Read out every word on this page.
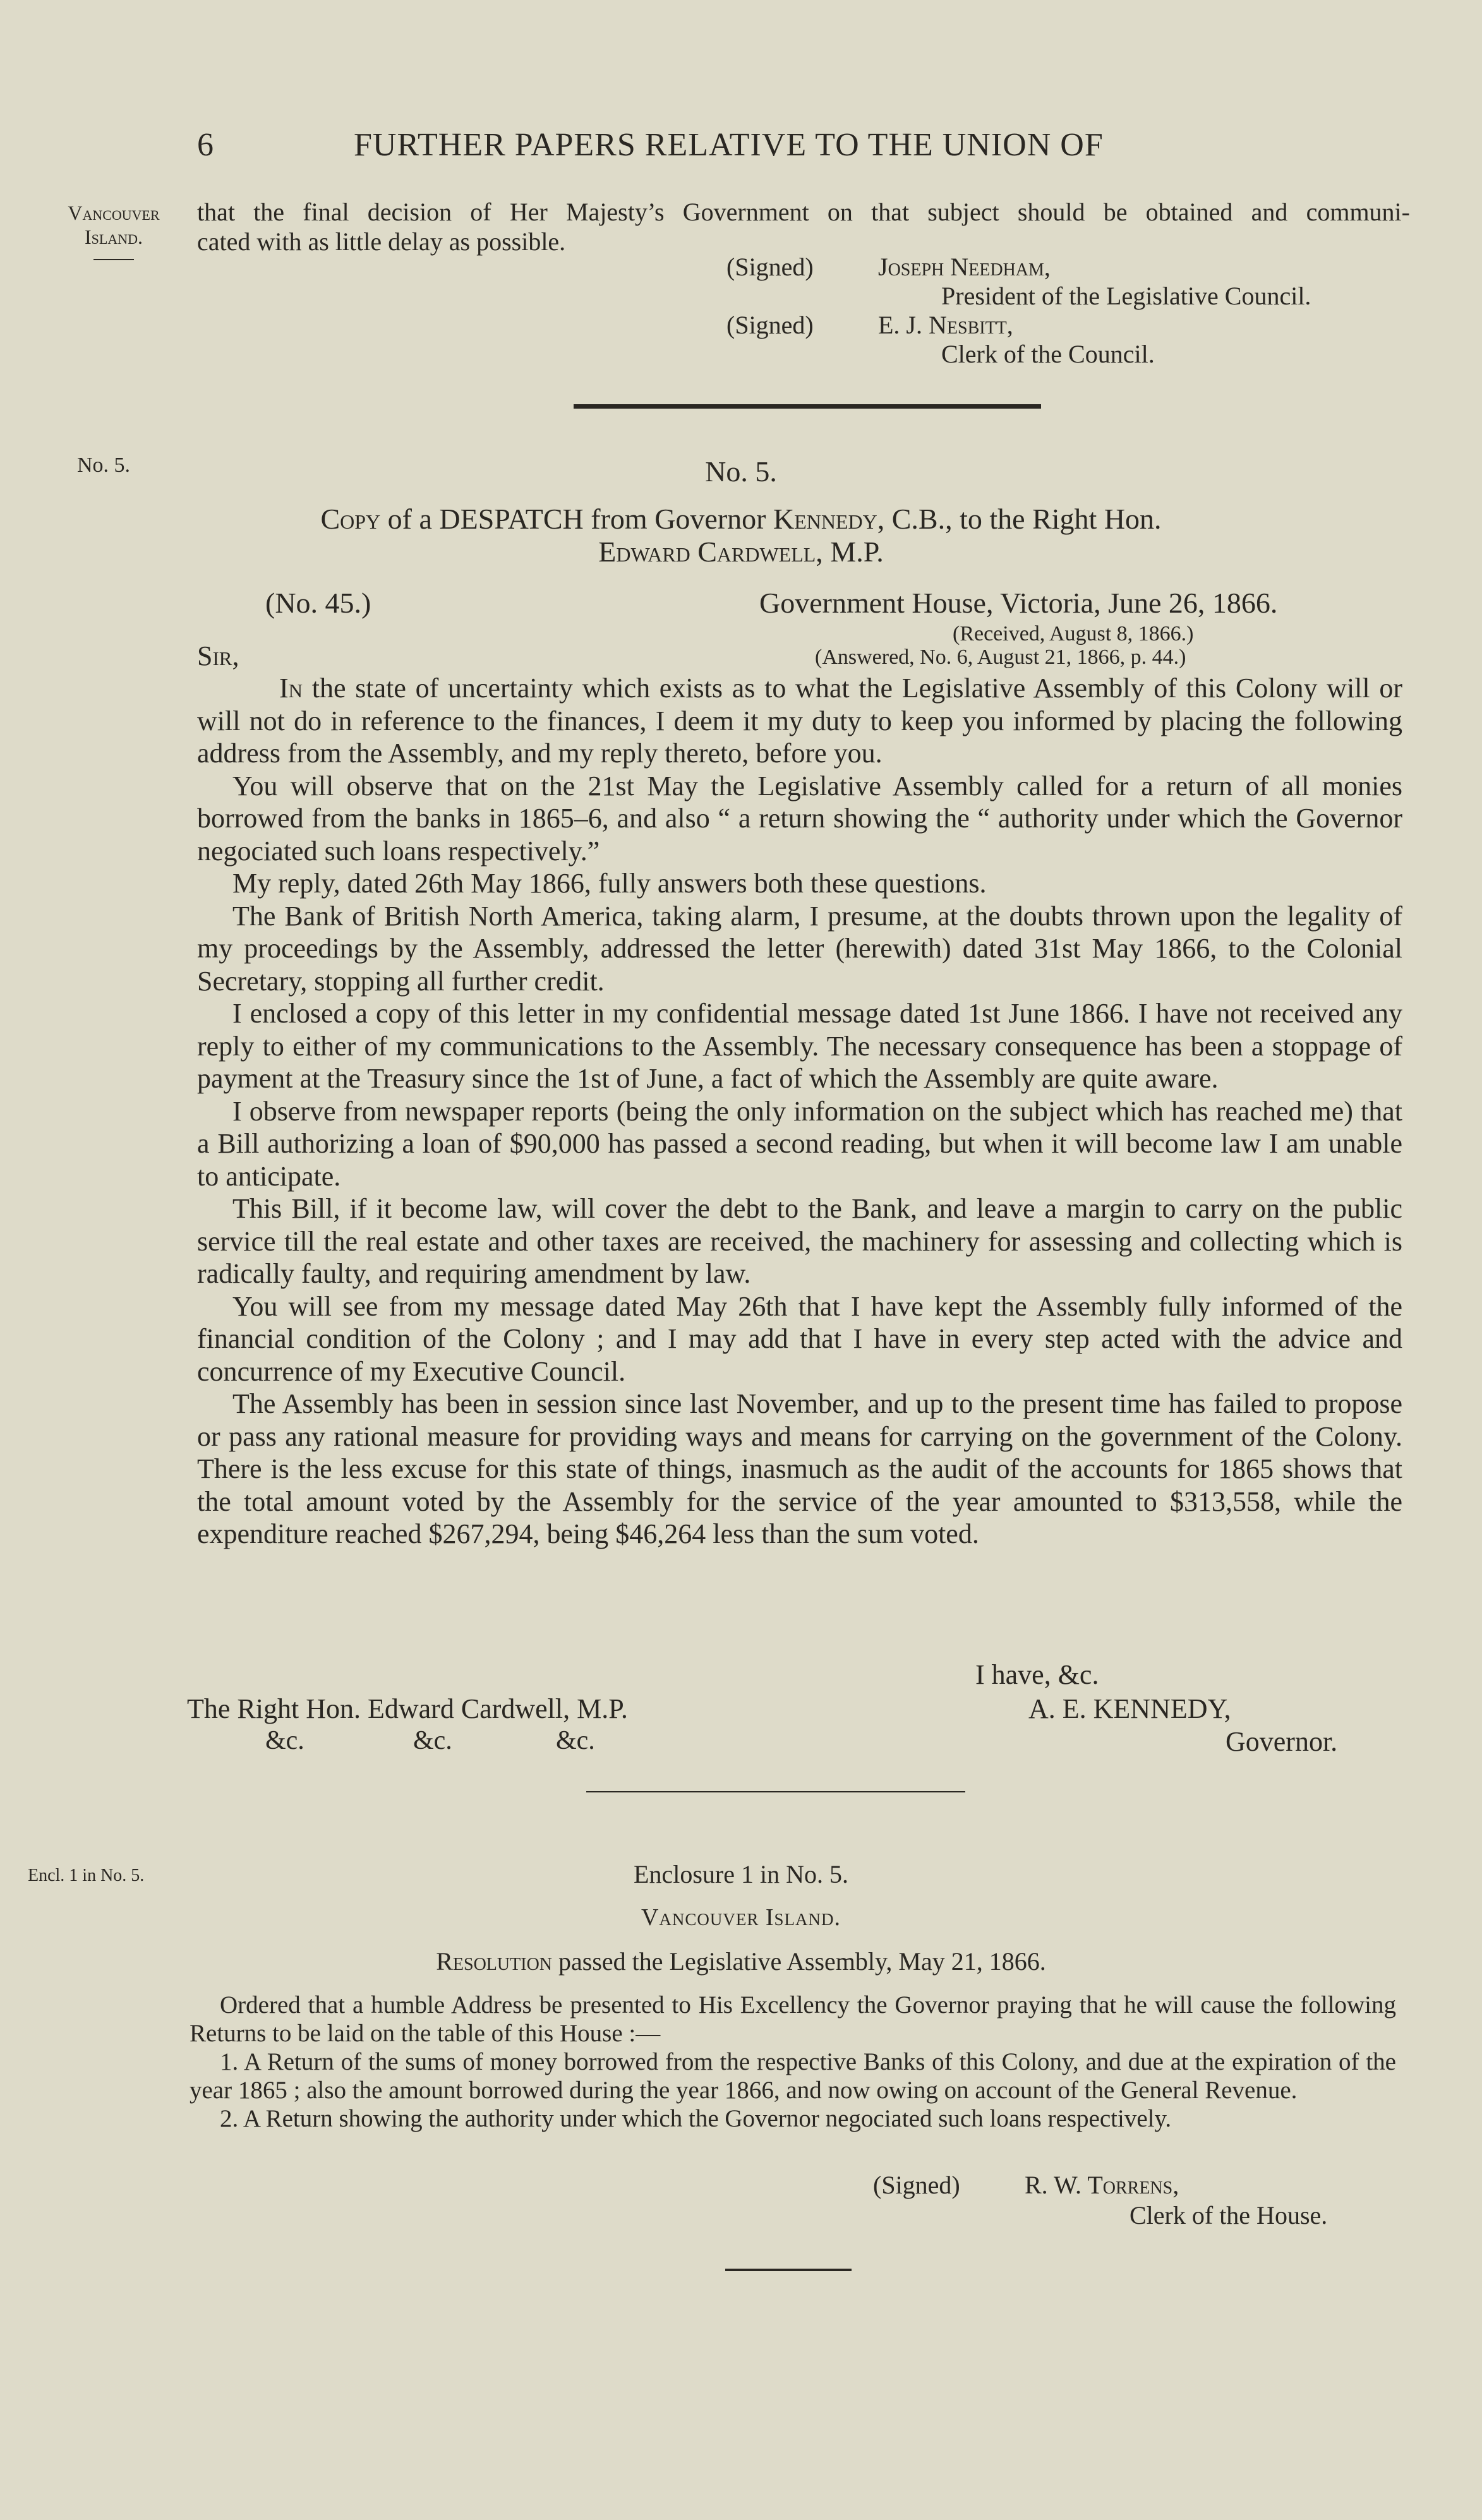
6	FURTHER PAPERS RELATIVE TO THE UNION OF
Vancouver
Island.
No. 5.
Encl. 1 in No. 5.
that the final decision of Her Majesty’s Government on that subject should be obtained and communi-
cated with as little delay as possible.
(Signed)	Joseph Needham,
President of the Legislative Council.
(Signed)	E. J. Nesbitt,
Clerk of the Council.
No. 5.
Copy of a DESPATCH from Governor Kennedy, C.B., to the Right Hon.
Edward Cardwell, M.P.
(No. 45.)	Government House, Victoria, June 26, 1866.
(Received, August 8, 1866.)
(Answered, No. 6, August 21, 1866, p. 44.)
Sir,

In the state of uncertainty which exists as to what the Legislative Assembly of this Colony will or will not do in reference to the finances, I deem it my duty to keep you informed by placing the following address from the Assembly, and my reply thereto, before you.

You will observe that on the 21st May the Legislative Assembly called for a return of all monies borrowed from the banks in 1865–6, and also “ a return showing the “ authority under which the Governor negociated such loans respectively.”

My reply, dated 26th May 1866, fully answers both these questions.

The Bank of British North America, taking alarm, I presume, at the doubts thrown upon the legality of my proceedings by the Assembly, addressed the letter (herewith) dated 31st May 1866, to the Colonial Secretary, stopping all further credit.

I enclosed a copy of this letter in my confidential message dated 1st June 1866. I have not received any reply to either of my communications to the Assembly. The necessary consequence has been a stoppage of payment at the Treasury since the 1st of June, a fact of which the Assembly are quite aware.

I observe from newspaper reports (being the only information on the subject which has reached me) that a Bill authorizing a loan of $90,000 has passed a second reading, but when it will become law I am unable to anticipate.

This Bill, if it become law, will cover the debt to the Bank, and leave a margin to carry on the public service till the real estate and other taxes are received, the machinery for assessing and collecting which is radically faulty, and requiring amendment by law.

You will see from my message dated May 26th that I have kept the Assembly fully informed of the financial condition of the Colony ; and I may add that I have in every step acted with the advice and concurrence of my Executive Council.

The Assembly has been in session since last November, and up to the present time has failed to propose or pass any rational measure for providing ways and means for carrying on the government of the Colony. There is the less excuse for this state of things, inasmuch as the audit of the accounts for 1865 shows that the total amount voted by the Assembly for the service of the year amounted to $313,558, while the expenditure reached $267,294, being $46,264 less than the sum voted.

I have, &c.
The Right Hon. Edward Cardwell, M.P.
&c.	&c.	&c.
A. E. KENNEDY,
Governor.
Enclosure 1 in No. 5.
Vancouver Island.
Resolution passed the Legislative Assembly, May 21, 1866.

Ordered that a humble Address be presented to His Excellency the Governor praying that he will cause the following Returns to be laid on the table of this House :—

1. A Return of the sums of money borrowed from the respective Banks of this Colony, and due at the expiration of the year 1865 ; also the amount borrowed during the year 1866, and now owing on account of the General Revenue.

2. A Return showing the authority under which the Governor negociated such loans respectively.

(Signed)	R. W. Torrens,
Clerk of the House.
